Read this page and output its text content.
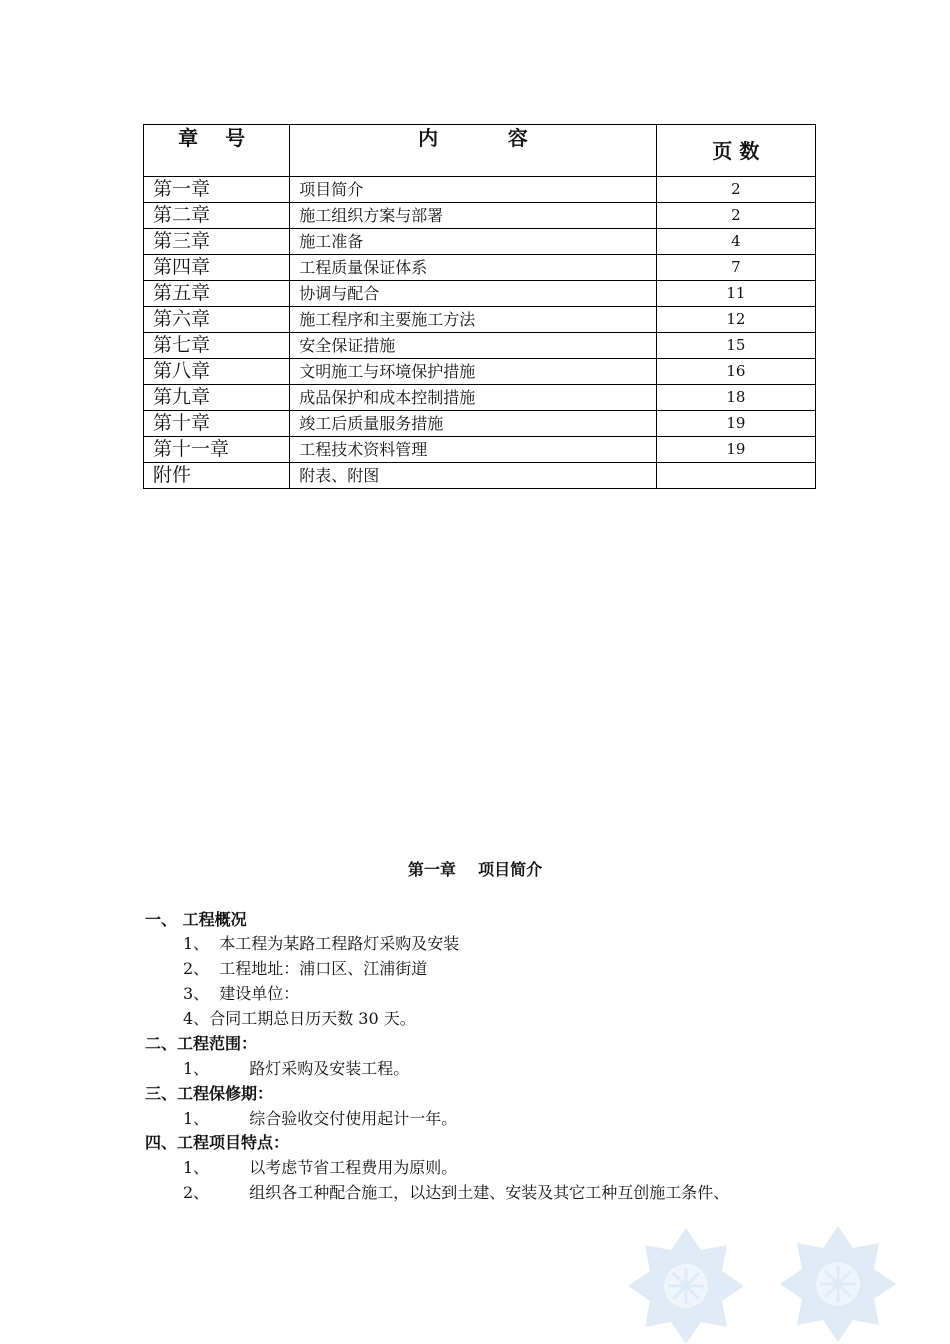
章 号	内          容	页 数
第一章	项目简介	2
第二章	施工组织方案与部署	2
第三章	施工准备	4
第四章	工程质量保证体系	7
第五章	协调与配合	11
第六章	施工程序和主要施工方法	12
第七章	安全保证措施	15
第八章	文明施工与环境保护措施	16
第九章	成品保护和成本控制措施	18
第十章	竣工后质量服务措施	19
第十一章	工程技术资料管理	19
附件	附表、附图	
第一章    项目简介
一、 工程概况
1、 本工程为某路工程路灯采购及安装
2、 工程地址：浦口区、江浦街道
3、 建设单位：
4、合同工期总日历天数 30 天。
二、工程范围：
1、	路灯采购及安装工程。
三、工程保修期：
1、	综合验收交付使用起计一年。
四、工程项目特点：
1、	以考虑节省工程费用为原则。
2、	组织各工种配合施工，以达到土建、安装及其它工种互创施工条件、
